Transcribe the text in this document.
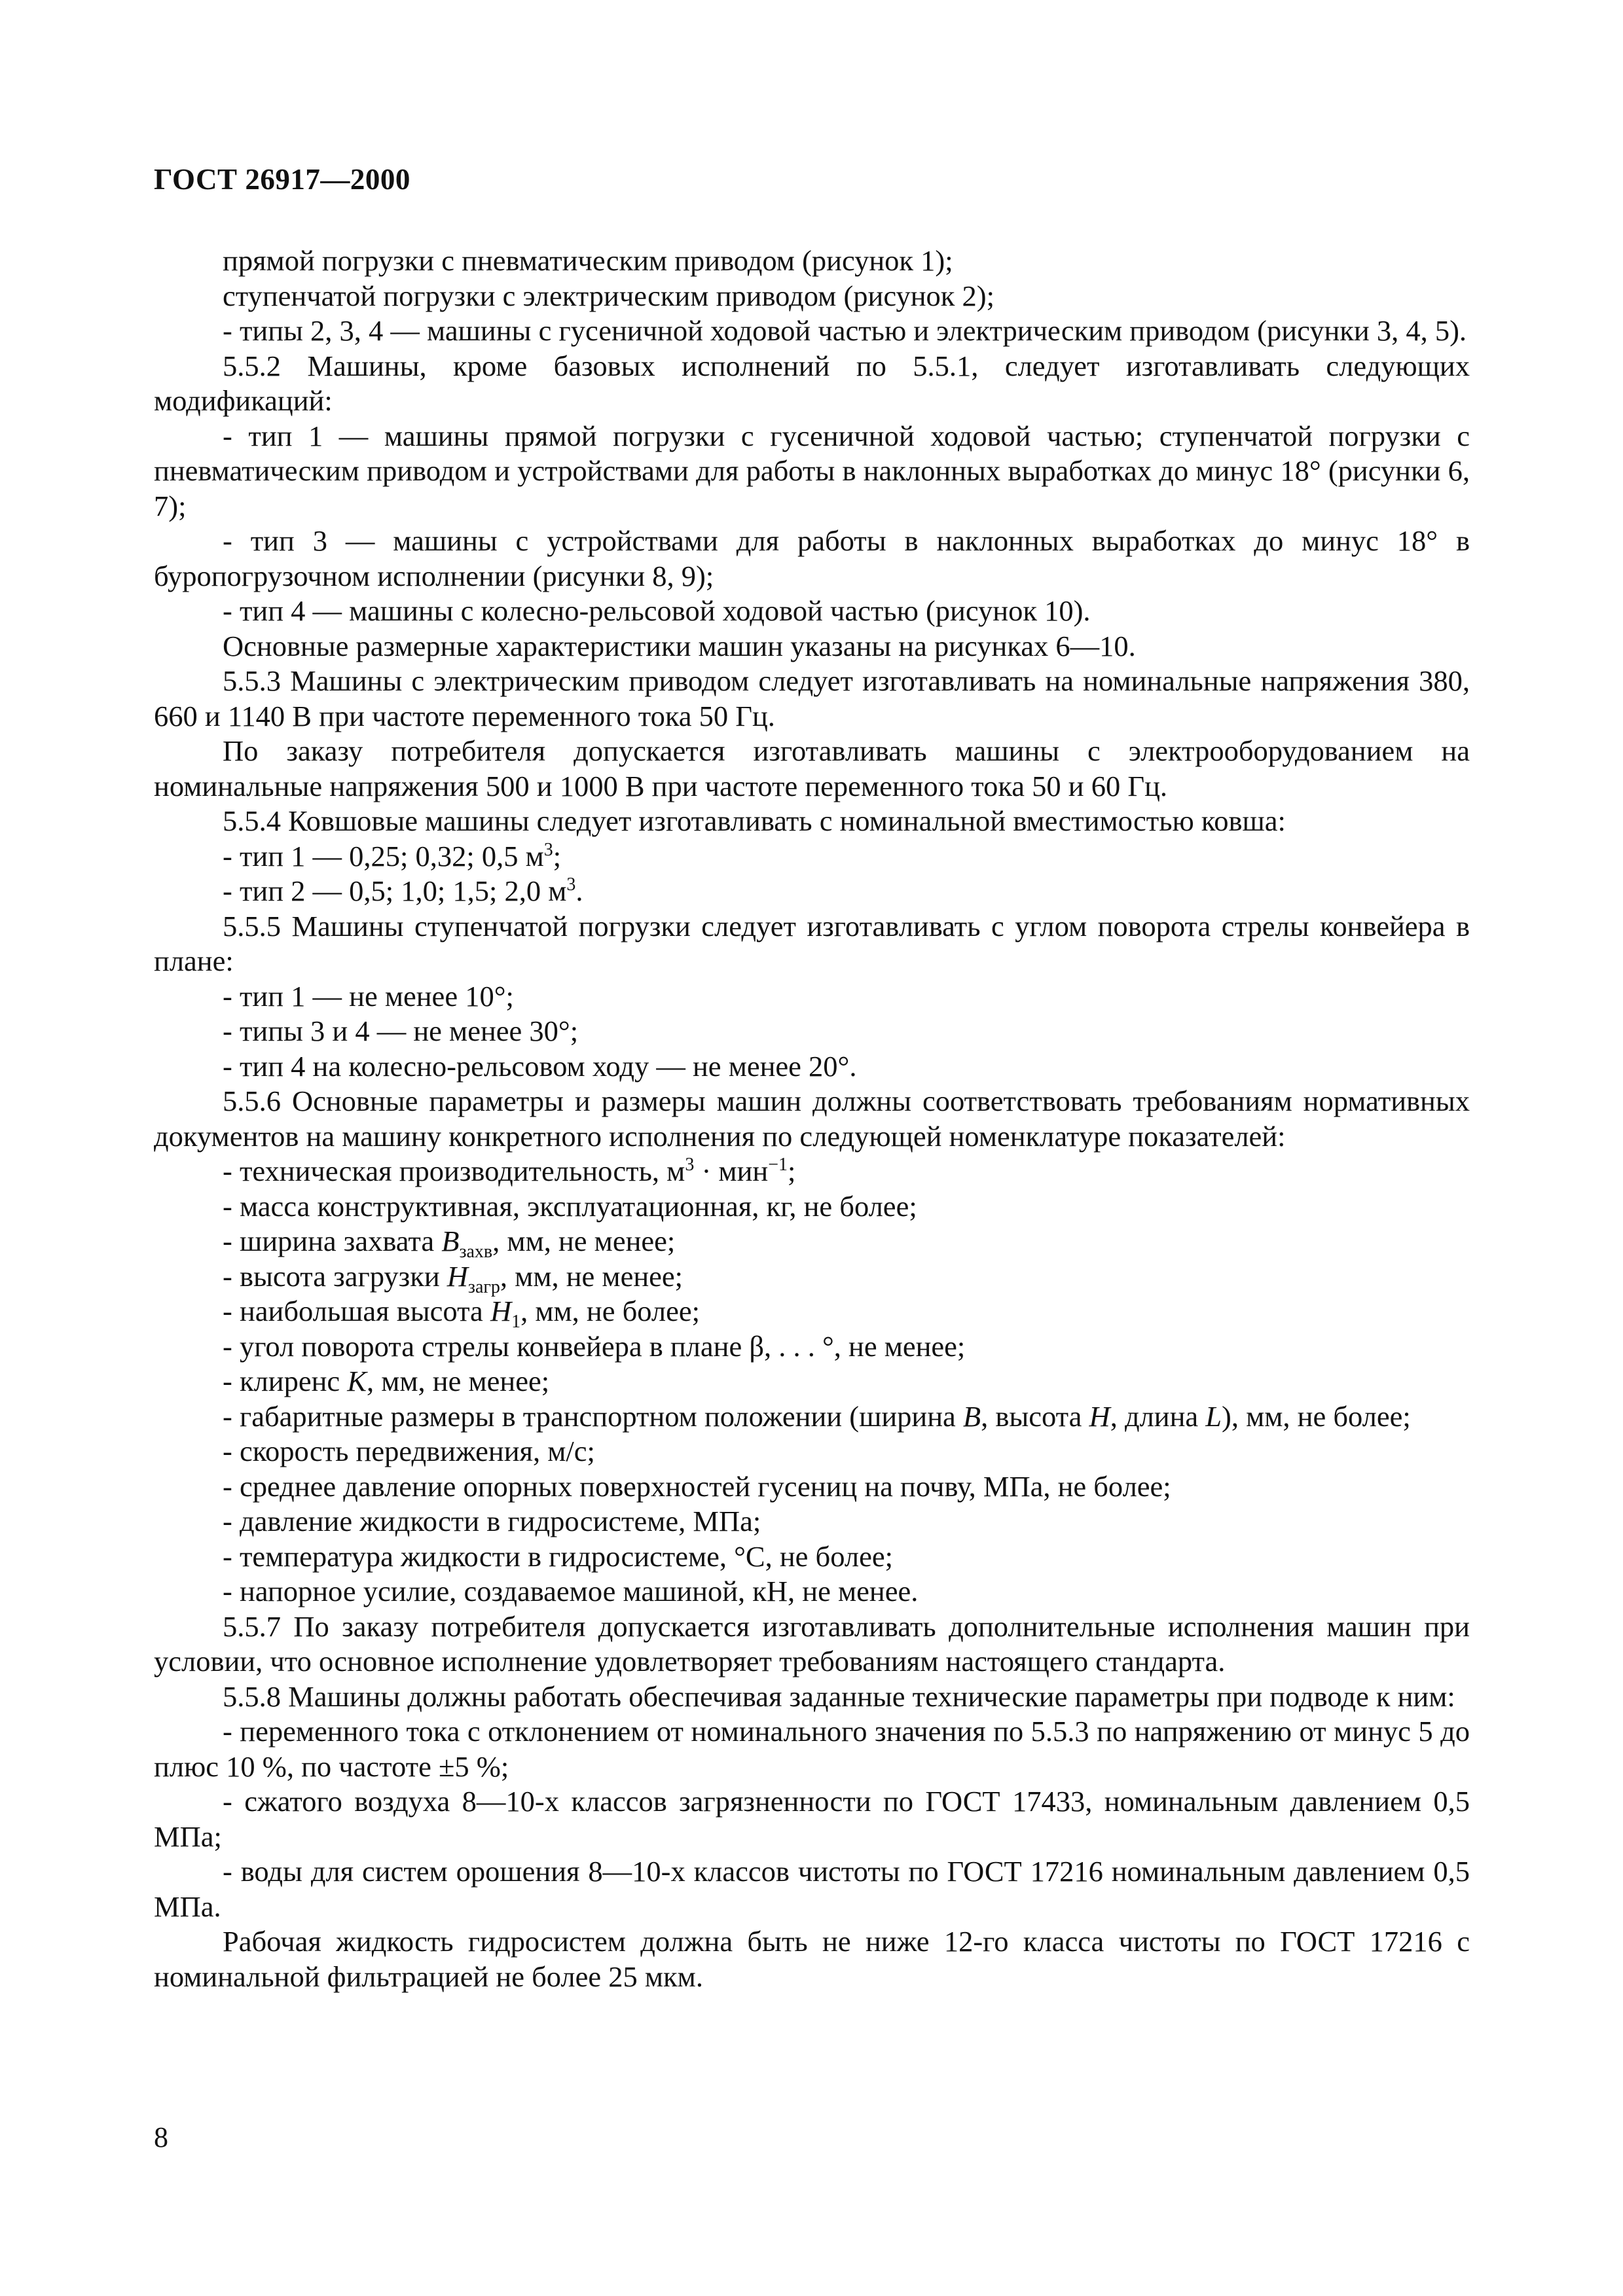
ГОСТ 26917—2000

прямой погрузки с пневматическим приводом (рисунок 1);

ступенчатой погрузки с электрическим приводом (рисунок 2);

- типы 2, 3, 4 — машины с гусеничной ходовой частью и электрическим приводом (рисунки 3, 4, 5).

5.5.2 Машины, кроме базовых исполнений по 5.5.1, следует изготавливать следующих модификаций:

- тип 1 — машины прямой погрузки с гусеничной ходовой частью; ступенчатой погрузки с пневматическим приводом и устройствами для работы в наклонных выработках до минус 18° (рисунки 6, 7);

- тип 3 — машины с устройствами для работы в наклонных выработках до минус 18° в буропогрузочном исполнении (рисунки 8, 9);

- тип 4 — машины с колесно-рельсовой ходовой частью (рисунок 10).

Основные размерные характеристики машин указаны на рисунках 6—10.

5.5.3 Машины с электрическим приводом следует изготавливать на номинальные напряжения 380, 660 и 1140 В при частоте переменного тока 50 Гц.

По заказу потребителя допускается изготавливать машины с электрооборудованием на номинальные напряжения 500 и 1000 В при частоте переменного тока 50 и 60 Гц.

5.5.4 Ковшовые машины следует изготавливать с номинальной вместимостью ковша:

- тип 1 — 0,25; 0,32; 0,5 $м^3$;

- тип 2 — 0,5; 1,0; 1,5; 2,0 $м^3$.

5.5.5 Машины ступенчатой погрузки следует изготавливать с углом поворота стрелы конвейера в плане:

- тип 1 — не менее 10°;

- типы 3 и 4 — не менее 30°;

- тип 4 на колесно-рельсовом ходу — не менее 20°.

5.5.6 Основные параметры и размеры машин должны соответствовать требованиям нормативных документов на машину конкретного исполнения по следующей номенклатуре показателей:

- техническая производительность, $м^3 \cdot мин^{-1}$;

- масса конструктивная, эксплуатационная, кг, не более;

- ширина захвата $B_{захв}$, мм, не менее;

- высота загрузки $H_{загр}$, мм, не менее;

- наибольшая высота $H_1$, мм, не более;

- угол поворота стрелы конвейера в плане β, . . . °, не менее;

- клиренс K, мм, не менее;

- габаритные размеры в транспортном положении (ширина B, высота H, длина L), мм, не более;

- скорость передвижения, м/с;

- среднее давление опорных поверхностей гусениц на почву, МПа, не более;

- давление жидкости в гидросистеме, МПа;

- температура жидкости в гидросистеме, °С, не более;

- напорное усилие, создаваемое машиной, кН, не менее.

5.5.7 По заказу потребителя допускается изготавливать дополнительные исполнения машин при условии, что основное исполнение удовлетворяет требованиям настоящего стандарта.

5.5.8 Машины должны работать обеспечивая заданные технические параметры при подводе к ним:

- переменного тока с отклонением от номинального значения по 5.5.3 по напряжению от минус 5 до плюс 10 %, по частоте ±5 %;

- сжатого воздуха 8—10-х классов загрязненности по ГОСТ 17433, номинальным давлением 0,5 МПа;

- воды для систем орошения 8—10-х классов чистоты по ГОСТ 17216 номинальным давлением 0,5 МПа.

Рабочая жидкость гидросистем должна быть не ниже 12-го класса чистоты по ГОСТ 17216 с номинальной фильтрацией не более 25 мкм.

8
